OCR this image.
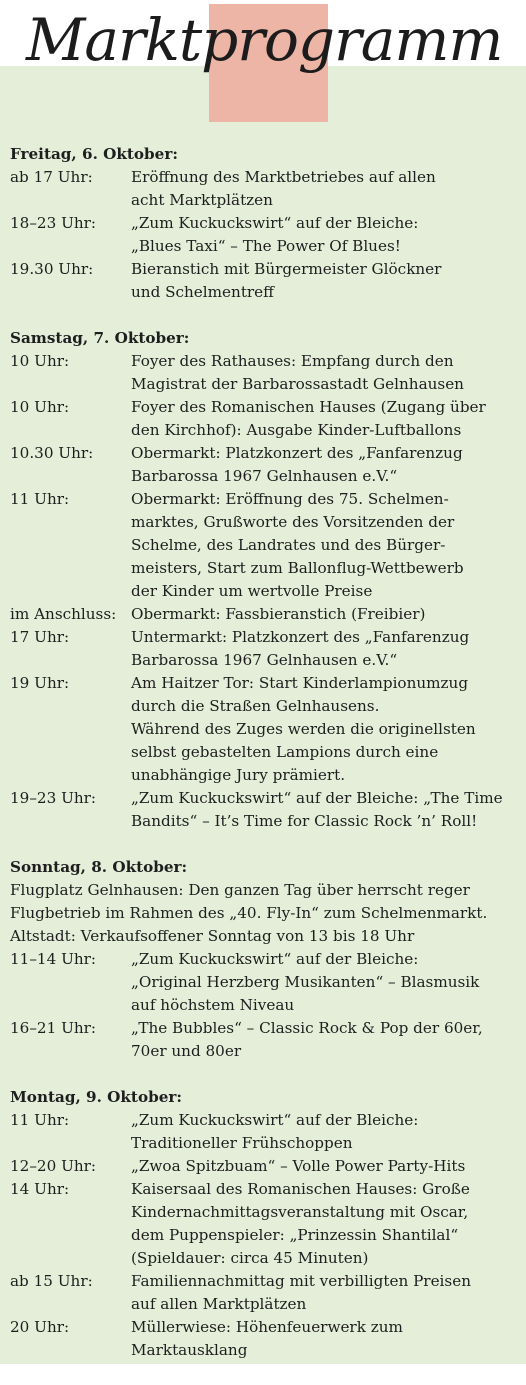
Marktprogramm
Freitag, 6. Oktober:
ab 17 Uhr:	Eröffnung des Marktbetriebes auf allen
acht Marktplätzen
18–23 Uhr:	„Zum Kuckuckswirt“ auf der Bleiche:
„Blues Taxi“ – The Power Of Blues!
19.30 Uhr:	Bieranstich mit Bürgermeister Glöckner
und Schelmentreff
Samstag, 7. Oktober:
10 Uhr:	Foyer des Rathauses: Empfang durch den
Magistrat der Barbarossastadt Gelnhausen
10 Uhr:	Foyer des Romanischen Hauses (Zugang über
den Kirchhof): Ausgabe Kinder-Luftballons
10.30 Uhr:	Obermarkt: Platzkonzert des „Fanfarenzug
Barbarossa 1967 Gelnhausen e.V.“
11 Uhr:	Obermarkt: Eröffnung des 75. Schelmen-
marktes, Grußworte des Vorsitzenden der
Schelme, des Landrates und des Bürger-
meisters, Start zum Ballonflug-Wettbewerb
der Kinder um wertvolle Preise
im Anschluss: Obermarkt: Fassbieranstich (Freibier)
17 Uhr:	Untermarkt: Platzkonzert des „Fanfarenzug
Barbarossa 1967 Gelnhausen e.V.“
19 Uhr:	Am Haitzer Tor: Start Kinderlampionumzug
durch die Straßen Gelnhausens.
Während des Zuges werden die originellsten
selbst gebastelten Lampions durch eine
unabhängige Jury prämiert.
19–23 Uhr:	„Zum Kuckuckswirt“ auf der Bleiche: „The Time
Bandits“ – It’s Time for Classic Rock ’n’ Roll!
Sonntag, 8. Oktober:
Flugplatz Gelnhausen: Den ganzen Tag über herrscht reger
Flugbetrieb im Rahmen des „40. Fly-In“ zum Schelmenmarkt.
Altstadt: Verkaufsoffener Sonntag von 13 bis 18 Uhr
11–14 Uhr:	„Zum Kuckuckswirt“ auf der Bleiche:
„Original Herzberg Musikanten“ – Blasmusik
auf höchstem Niveau
16–21 Uhr:	„The Bubbles“ – Classic Rock & Pop der 60er,
70er und 80er
Montag, 9. Oktober:
11 Uhr:	„Zum Kuckuckswirt“ auf der Bleiche:
Traditioneller Frühschoppen
12–20 Uhr:	„Zwoa Spitzbuam“ – Volle Power Party-Hits
14 Uhr:	Kaisersaal des Romanischen Hauses: Große
Kindernachmittagsveranstaltung mit Oscar,
dem Puppenspieler: „Prinzessin Shantilal“
(Spieldauer: circa 45 Minuten)
ab 15 Uhr:	Familiennachmittag mit verbilligten Preisen
auf allen Marktplätzen
20 Uhr:	Müllerwiese: Höhenfeuerwerk zum
Marktausklang
